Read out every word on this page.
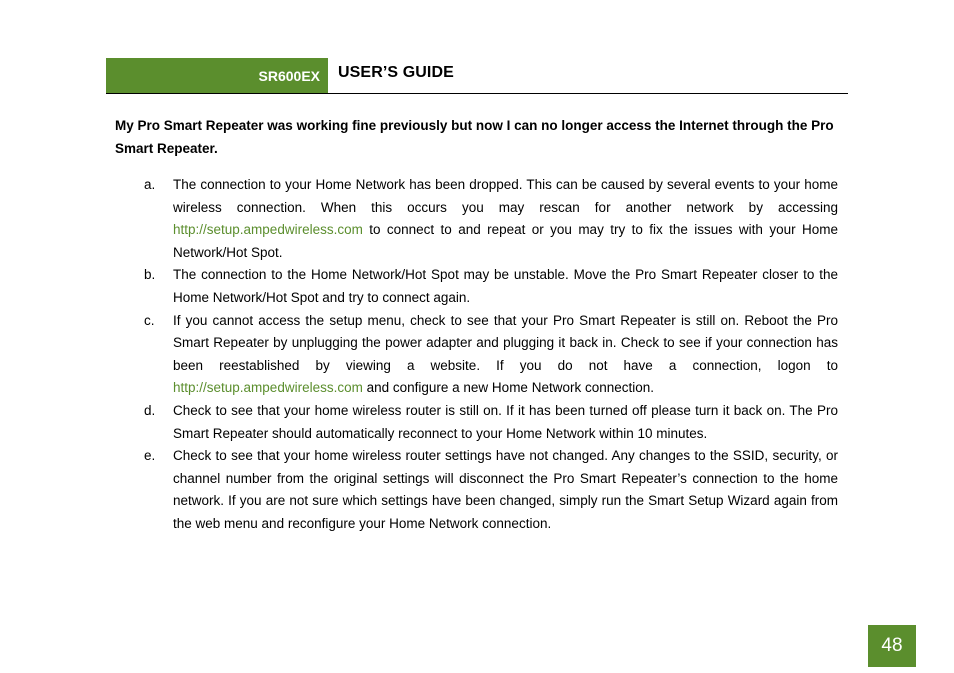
SR600EX USER’S GUIDE

My Pro Smart Repeater was working fine previously but now I can no longer access the Internet through the Pro Smart Repeater.

a.	The connection to your Home Network has been dropped. This can be caused by several events to your home wireless connection. When this occurs you may rescan for another network by accessing http://setup.ampedwireless.com to connect to and repeat or you may try to fix the issues with your Home Network/Hot Spot.
b.	The connection to the Home Network/Hot Spot may be unstable. Move the Pro Smart Repeater closer to the Home Network/Hot Spot and try to connect again.
c.	If you cannot access the setup menu, check to see that your Pro Smart Repeater is still on. Reboot the Pro Smart Repeater by unplugging the power adapter and plugging it back in. Check to see if your connection has been reestablished by viewing a website. If you do not have a connection, logon to http://setup.ampedwireless.com and configure a new Home Network connection.
d.	Check to see that your home wireless router is still on. If it has been turned off please turn it back on. The Pro Smart Repeater should automatically reconnect to your Home Network within 10 minutes.
e.	Check to see that your home wireless router settings have not changed. Any changes to the SSID, security, or channel number from the original settings will disconnect the Pro Smart Repeater’s connection to the home network. If you are not sure which settings have been changed, simply run the Smart Setup Wizard again from the web menu and reconfigure your Home Network connection.
48
